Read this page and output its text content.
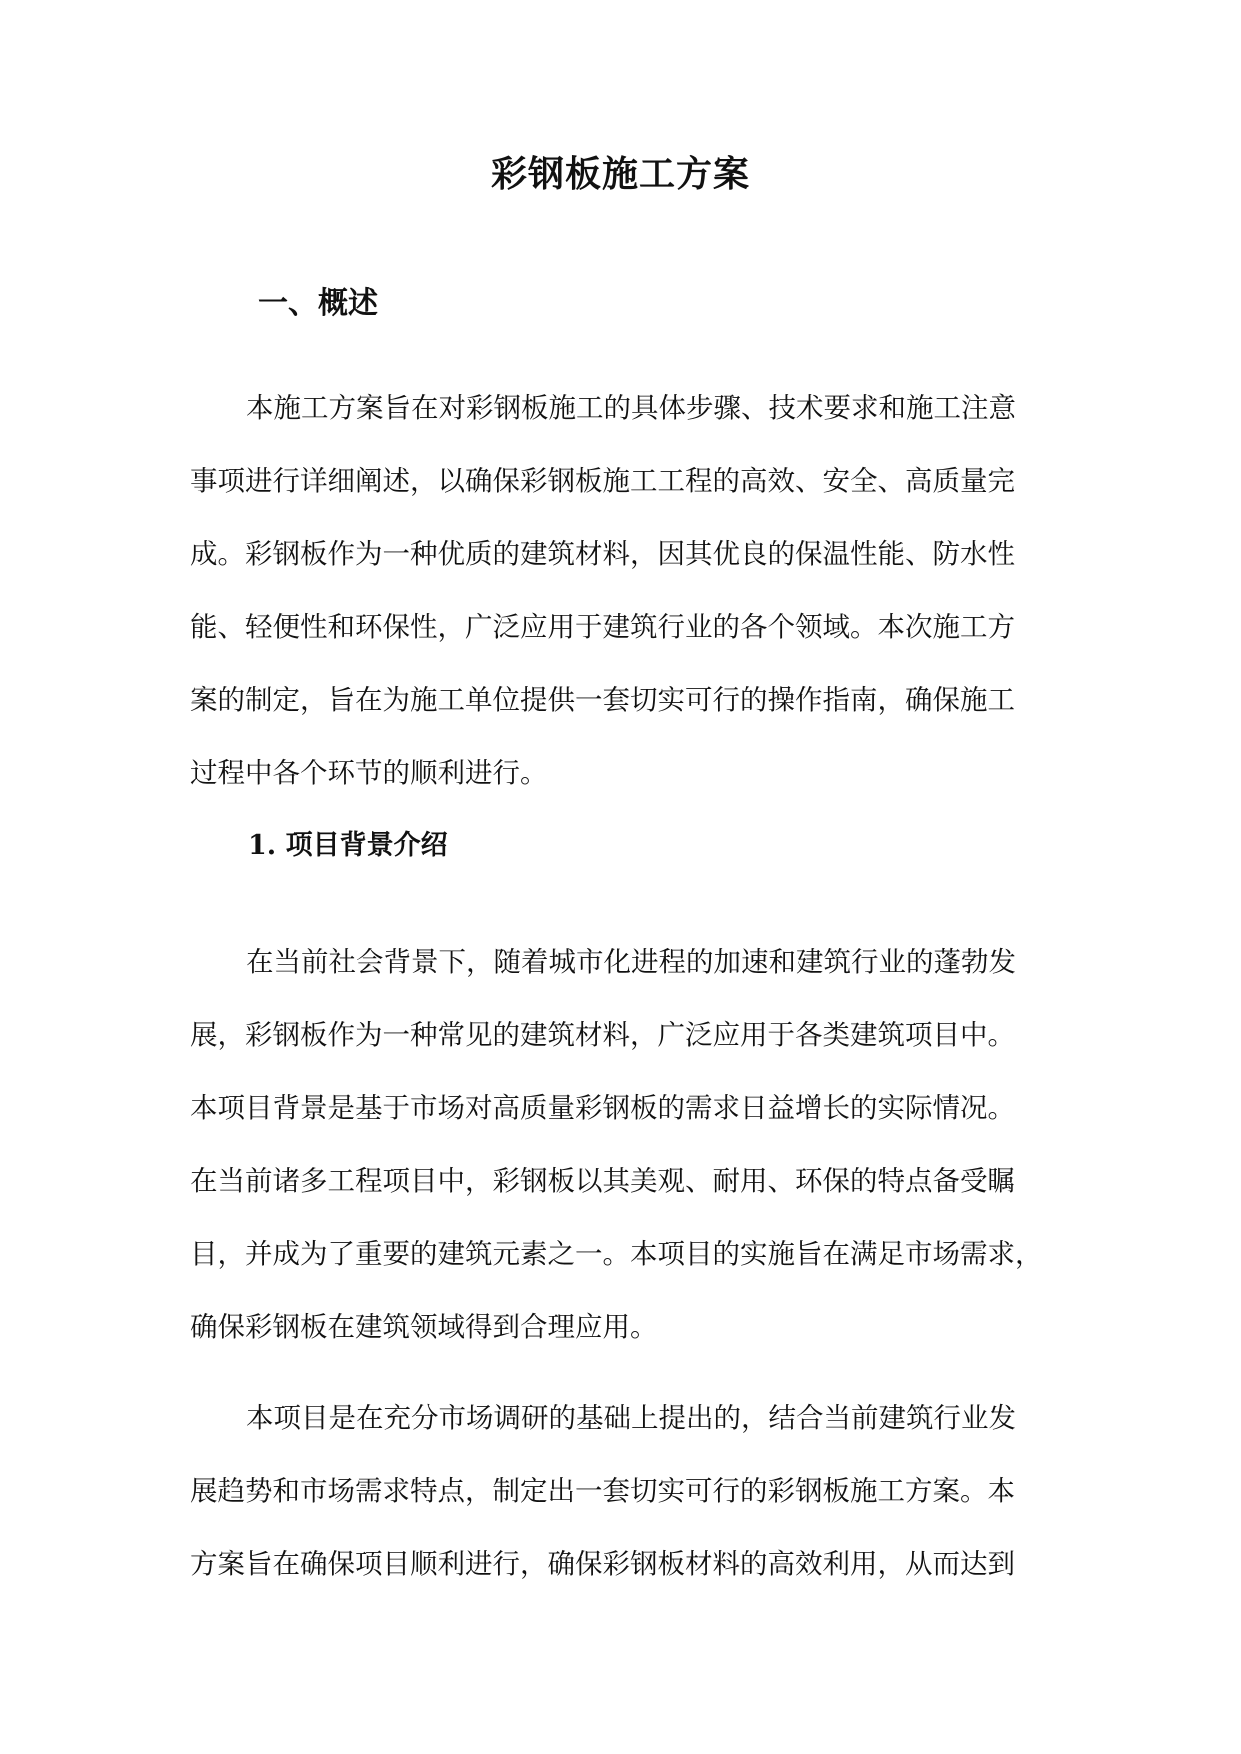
彩钢板施工方案
一、概述

本施工方案旨在对彩钢板施工的具体步骤、技术要求和施工注意
事项进行详细阐述，以确保彩钢板施工工程的高效、安全、高质量完
成。彩钢板作为一种优质的建筑材料，因其优良的保温性能、防水性
能、轻便性和环保性，广泛应用于建筑行业的各个领域。本次施工方
案的制定，旨在为施工单位提供一套切实可行的操作指南，确保施工
过程中各个环节的顺利进行。

1. 项目背景介绍

在当前社会背景下，随着城市化进程的加速和建筑行业的蓬勃发
展，彩钢板作为一种常见的建筑材料，广泛应用于各类建筑项目中。
本项目背景是基于市场对高质量彩钢板的需求日益增长的实际情况。
在当前诸多工程项目中，彩钢板以其美观、耐用、环保的特点备受瞩
目，并成为了重要的建筑元素之一。本项目的实施旨在满足市场需求，
确保彩钢板在建筑领域得到合理应用。

本项目是在充分市场调研的基础上提出的，结合当前建筑行业发
展趋势和市场需求特点，制定出一套切实可行的彩钢板施工方案。本
方案旨在确保项目顺利进行，确保彩钢板材料的高效利用，从而达到
